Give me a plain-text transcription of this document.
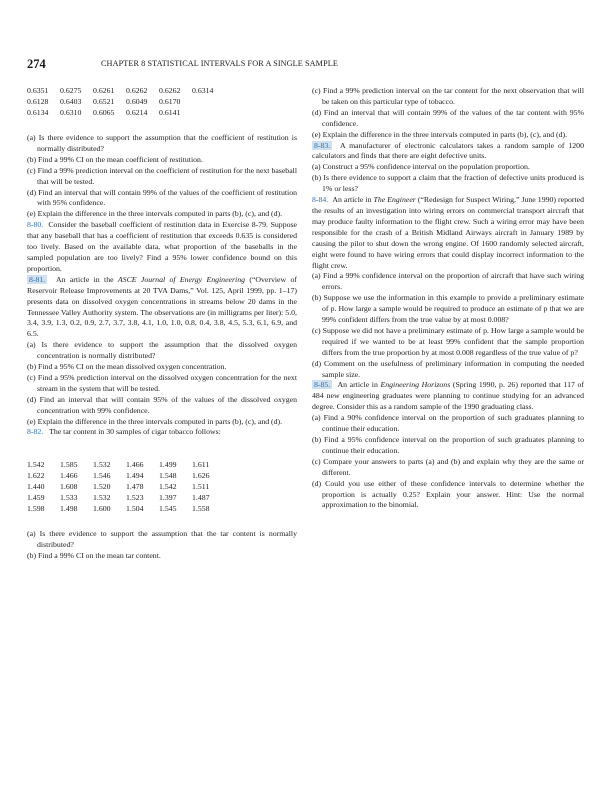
274	CHAPTER 8 STATISTICAL INTERVALS FOR A SINGLE SAMPLE
0.6351	0.6275	0.6261	0.6262	0.6262	0.6314
0.6128	0.6403	0.6521	0.6049	0.6170	
0.6134	0.6310	0.6065	0.6214	0.6141	

(a) Is there evidence to support the assumption that the coefficient of restitution is normally distributed?

(b) Find a 99% CI on the mean coefficient of restitution.

(c) Find a 99% prediction interval on the coefficient of restitution for the next baseball that will be tested.

(d) Find an interval that will contain 99% of the values of the coefficient of restitution with 95% confidence.

(e) Explain the difference in the three intervals computed in parts (b), (c), and (d).

8-80. Consider the baseball coefficient of restitution data in Exercise 8-79. Suppose that any baseball that has a coefficient of restitution that exceeds 0.635 is considered too lively. Based on the available data, what proportion of the baseballs in the sampled population are too lively? Find a 95% lower confidence bound on this proportion.

8-81. An article in the ASCE Journal of Energy Engineering (“Overview of Reservoir Release Improvements at 20 TVA Dams,” Vol. 125, April 1999, pp. 1–17) presents data on dissolved oxygen concentrations in streams below 20 dams in the Tennessee Valley Authority system. The observations are (in milligrams per liter): 5.0, 3.4, 3.9, 1.3, 0.2, 0.9, 2.7, 3.7, 3.8, 4.1, 1.0, 1.0, 0.8, 0.4, 3.8, 4.5, 5.3, 6.1, 6.9, and 6.5.

(a) Is there evidence to support the assumption that the dissolved oxygen concentration is normally distributed?

(b) Find a 95% CI on the mean dissolved oxygen concentration.

(c) Find a 95% prediction interval on the dissolved oxygen concentration for the next stream in the system that will be tested.

(d) Find an interval that will contain 95% of the values of the dissolved oxygen concentration with 99% confidence.

(e) Explain the difference in the three intervals computed in parts (b), (c), and (d).

8-82. The tar content in 30 samples of cigar tobacco follows:

1.542	1.585	1.532	1.466	1.499	1.611
1.622	1.466	1.546	1.494	1.548	1.626
1.440	1.608	1.520	1.478	1.542	1.511
1.459	1.533	1.532	1.523	1.397	1.487
1.598	1.498	1.600	1.504	1.545	1.558

(a) Is there evidence to support the assumption that the tar content is normally distributed?

(b) Find a 99% CI on the mean tar content.

(c) Find a 99% prediction interval on the tar content for the next observation that will be taken on this particular type of tobacco.

(d) Find an interval that will contain 99% of the values of the tar content with 95% confidence.

(e) Explain the difference in the three intervals computed in parts (b), (c), and (d).

8-83. A manufacturer of electronic calculators takes a random sample of 1200 calculators and finds that there are eight defective units.

(a) Construct a 95% confidence interval on the population proportion.

(b) Is there evidence to support a claim that the fraction of defective units produced is 1% or less?

8-84. An article in The Engineer (“Redesign for Suspect Wiring,” June 1990) reported the results of an investigation into wiring errors on commercial transport aircraft that may produce faulty information to the flight crew. Such a wiring error may have been responsible for the crash of a British Midland Airways aircraft in January 1989 by causing the pilot to shut down the wrong engine. Of 1600 randomly selected aircraft, eight were found to have wiring errors that could display incorrect information to the flight crew.

(a) Find a 99% confidence interval on the proportion of aircraft that have such wiring errors.

(b) Suppose we use the information in this example to provide a preliminary estimate of p. How large a sample would be required to produce an estimate of p that we are 99% confident differs from the true value by at most 0.008?

(c) Suppose we did not have a preliminary estimate of p. How large a sample would be required if we wanted to be at least 99% confident that the sample proportion differs from the true proportion by at most 0.008 regardless of the true value of p?

(d) Comment on the usefulness of preliminary information in computing the needed sample size.

8-85. An article in Engineering Horizons (Spring 1990, p. 26) reported that 117 of 484 new engineering graduates were planning to continue studying for an advanced degree. Consider this as a random sample of the 1990 graduating class.

(a) Find a 90% confidence interval on the proportion of such graduates planning to continue their education.

(b) Find a 95% confidence interval on the proportion of such graduates planning to continue their education.

(c) Compare your answers to parts (a) and (b) and explain why they are the same or different.

(d) Could you use either of these confidence intervals to determine whether the proportion is actually 0.25? Explain your answer. Hint: Use the normal approximation to the binomial.
